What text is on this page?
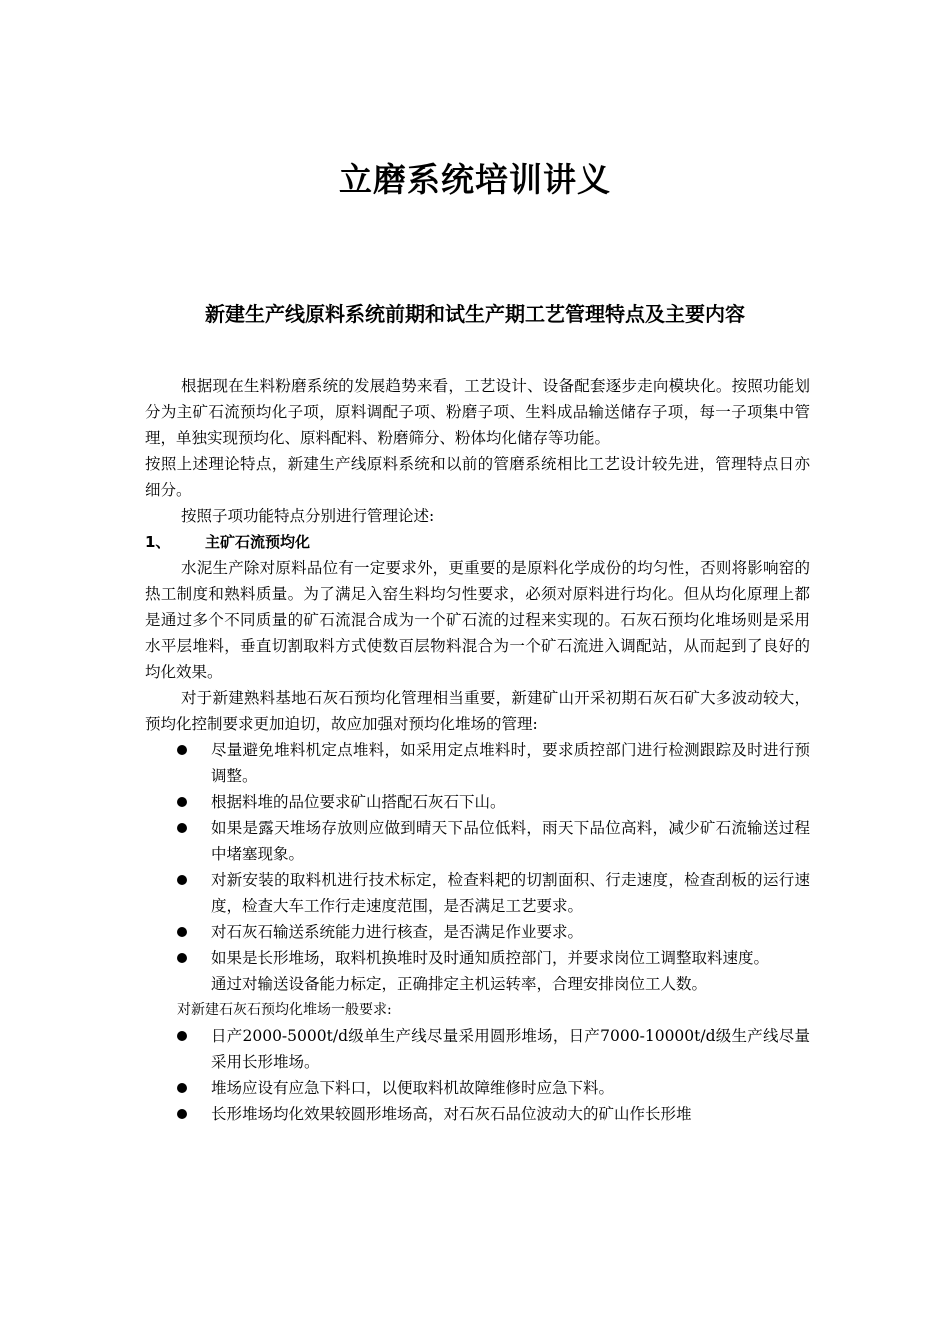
立磨系统培训讲义
新建生产线原料系统前期和试生产期工艺管理特点及主要内容

根据现在生料粉磨系统的发展趋势来看，工艺设计、设备配套逐步走向模块化。按照功能划分为主矿石流预均化子项，原料调配子项、粉磨子项、生料成品输送储存子项，每一子项集中管理，单独实现预均化、原料配料、粉磨筛分、粉体均化储存等功能。

按照上述理论特点，新建生产线原料系统和以前的管磨系统相比工艺设计较先进，管理特点日亦细分。

按照子项功能特点分别进行管理论述:

1、 主矿石流预均化

水泥生产除对原料品位有一定要求外，更重要的是原料化学成份的均匀性，否则将影响窑的热工制度和熟料质量。为了满足入窑生料均匀性要求，必须对原料进行均化。但从均化原理上都是通过多个不同质量的矿石流混合成为一个矿石流的过程来实现的。石灰石预均化堆场则是采用水平层堆料，垂直切割取料方式使数百层物料混合为一个矿石流进入调配站，从而起到了良好的均化效果。

对于新建熟料基地石灰石预均化管理相当重要，新建矿山开采初期石灰石矿大多波动较大，预均化控制要求更加迫切，故应加强对预均化堆场的管理:

尽量避免堆料机定点堆料，如采用定点堆料时，要求质控部门进行检测跟踪及时进行预调整。
根据料堆的品位要求矿山搭配石灰石下山。
如果是露天堆场存放则应做到晴天下品位低料，雨天下品位高料，减少矿石流输送过程中堵塞现象。
对新安装的取料机进行技术标定，检查料耙的切割面积、行走速度，检查刮板的运行速度，检查大车工作行走速度范围，是否满足工艺要求。
对石灰石输送系统能力进行核查，是否满足作业要求。
如果是长形堆场，取料机换堆时及时通知质控部门，并要求岗位工调整取料速度。

通过对输送设备能力标定，正确排定主机运转率，合理安排岗位工人数。

对新建石灰石预均化堆场一般要求:

日产2000-5000t/d级单生产线尽量采用圆形堆场，日产7000-10000t/d级生产线尽量采用长形堆场。
堆场应设有应急下料口，以便取料机故障维修时应急下料。
长形堆场均化效果较圆形堆场高，对石灰石品位波动大的矿山作长形堆
